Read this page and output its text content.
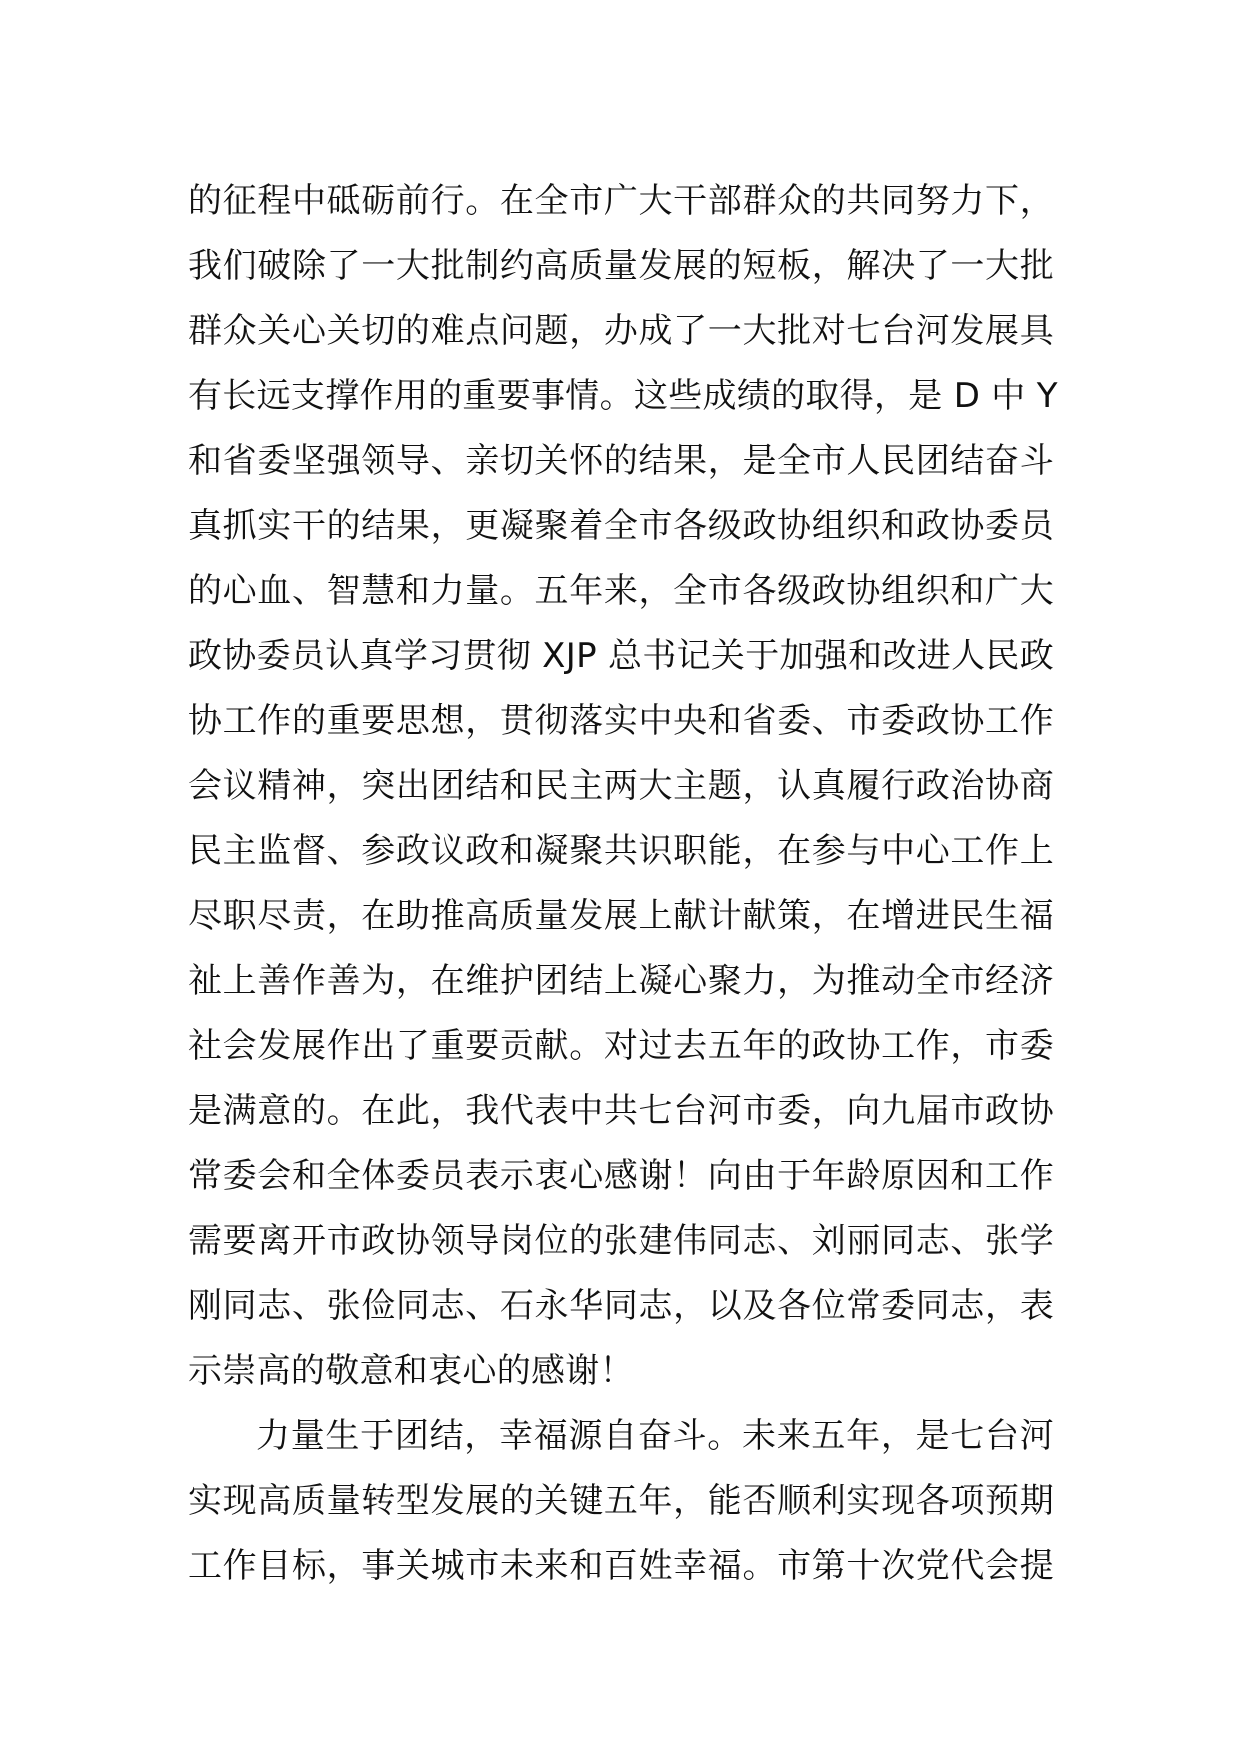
的征程中砥砺前行。在全市广大干部群众的共同努力下，
我们破除了一大批制约高质量发展的短板，解决了一大批
群众关心关切的难点问题，办成了一大批对七台河发展具
有长远支撑作用的重要事情。这些成绩的取得，是 D 中 Y
和省委坚强领导、亲切关怀的结果，是全市人民团结奋斗
真抓实干的结果，更凝聚着全市各级政协组织和政协委员
的心血、智慧和力量。五年来，全市各级政协组织和广大
政协委员认真学习贯彻 XJP 总书记关于加强和改进人民政
协工作的重要思想，贯彻落实中央和省委、市委政协工作
会议精神，突出团结和民主两大主题，认真履行政治协商
民主监督、参政议政和凝聚共识职能，在参与中心工作上
尽职尽责，在助推高质量发展上献计献策，在增进民生福
祉上善作善为，在维护团结上凝心聚力，为推动全市经济
社会发展作出了重要贡献。对过去五年的政协工作，市委
是满意的。在此，我代表中共七台河市委，向九届市政协
常委会和全体委员表示衷心感谢！向由于年龄原因和工作
需要离开市政协领导岗位的张建伟同志、刘丽同志、张学
刚同志、张俭同志、石永华同志，以及各位常委同志，表
示崇高的敬意和衷心的感谢！
力量生于团结，幸福源自奋斗。未来五年，是七台河
实现高质量转型发展的关键五年，能否顺利实现各项预期
工作目标，事关城市未来和百姓幸福。市第十次党代会提
